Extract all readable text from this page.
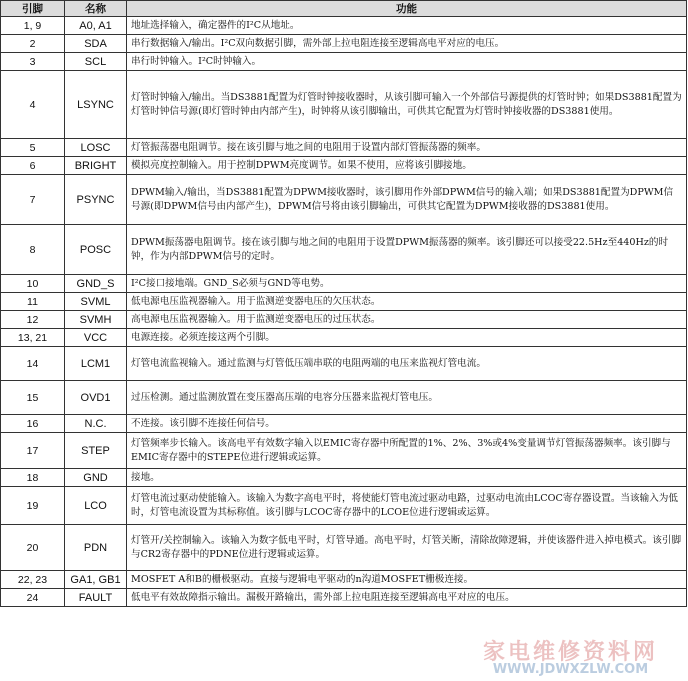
引脚	名称	功能
1, 9	A0, A1	地址选择输入，确定器件的I²C从地址。
2	SDA	串行数据输入/输出。I²C双向数据引脚，需外部上拉电阻连接至逻辑高电平对应的电压。
3	SCL	串行时钟输入。I²C时钟输入。
4	LSYNC	灯管时钟输入/输出。当DS3881配置为灯管时钟接收器时，从该引脚可输入一个外部信号源提供的灯管时钟；如果DS3881配置为灯管时钟信号源(即灯管时钟由内部产生)，时钟将从该引脚输出，可供其它配置为灯管时钟接收器的DS3881使用。
5	LOSC	灯管振荡器电阻调节。接在该引脚与地之间的电阻用于设置内部灯管振荡器的频率。
6	BRIGHT	模拟亮度控制输入。用于控制DPWM亮度调节。如果不使用，应将该引脚接地。
7	PSYNC	DPWM输入/输出，当DS3881配置为DPWM接收器时，该引脚用作外部DPWM信号的输入端；如果DS3881配置为DPWM信号源(即DPWM信号由内部产生)，DPWM信号将由该引脚输出，可供其它配置为DPWM接收器的DS3881使用。
8	POSC	DPWM振荡器电阻调节。接在该引脚与地之间的电阻用于设置DPWM振荡器的频率。该引脚还可以接受22.5Hz至440Hz的时钟，作为内部DPWM信号的定时。
10	GND_S	I²C接口接地端。GND_S必须与GND等电势。
11	SVML	低电源电压监视器输入。用于监测逆变器电压的欠压状态。
12	SVMH	高电源电压监视器输入。用于监测逆变器电压的过压状态。
13, 21	VCC	电源连接。必须连接这两个引脚。
14	LCM1	灯管电流监视输入。通过监测与灯管低压端串联的电阻两端的电压来监视灯管电流。
15	OVD1	过压检测。通过监测放置在变压器高压端的电容分压器来监视灯管电压。
16	N.C.	不连接。该引脚不连接任何信号。
17	STEP	灯管频率步长输入。该高电平有效数字输入以EMIC寄存器中所配置的1%、2%、3%或4%变量调节灯管振荡器频率。该引脚与EMIC寄存器中的STEPE位进行逻辑或运算。
18	GND	接地。
19	LCO	灯管电流过驱动使能输入。该输入为数字高电平时，将使能灯管电流过驱动电路，过驱动电流由LCOC寄存器设置。当该输入为低时，灯管电流设置为其标称值。该引脚与LCOC寄存器中的LCOE位进行逻辑或运算。
20	PDN	灯管开/关控制输入。该输入为数字低电平时，灯管导通。高电平时，灯管关断，清除故障逻辑，并使该器件进入掉电模式。该引脚与CR2寄存器中的PDNE位进行逻辑或运算。
22, 23	GA1, GB1	MOSFET A和B的栅极驱动。直接与逻辑电平驱动的n沟道MOSFET栅极连接。
24	FAULT	低电平有效故障指示输出。漏极开路输出，需外部上拉电阻连接至逻辑高电平对应的电压。
家电维修资料网
WWW.JDWXZLW.COM
